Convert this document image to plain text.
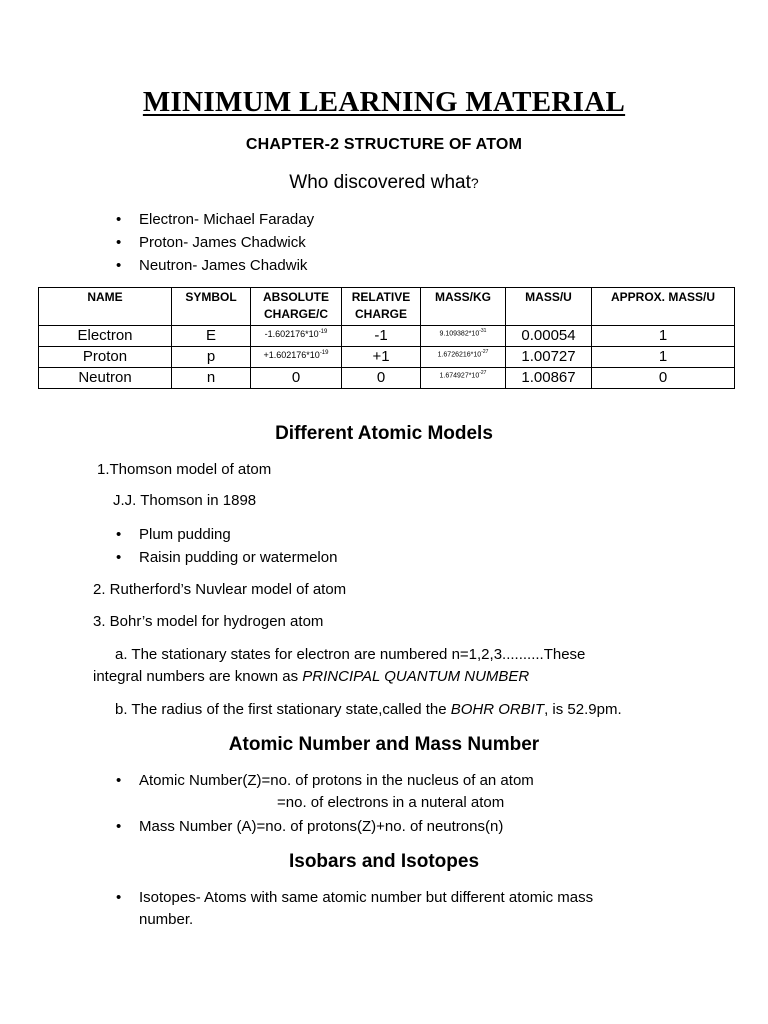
MINIMUM LEARNING MATERIAL
CHAPTER-2 STRUCTURE OF ATOM
Who discovered what?
• Electron- Michael Faraday
• Proton- James Chadwick
• Neutron- James Chadwik
NAME	SYMBOL	ABSOLUTE CHARGE/C	RELATIVE CHARGE	MASS/KG	MASS/U	APPROX. MASS/U
Electron	E	$-1.602176*10^{-19}$	-1	$9.109382*10^{-31}$	0.00054	1
Proton	p	$+1.602176*10^{-19}$	+1	$1.6726216*10^{-27}$	1.00727	1
Neutron	n	0	0	$1.674927*10^{-27}$	1.00867	0
Different Atomic Models
1.Thomson model of atom
J.J. Thomson in 1898
• Plum pudding
• Raisin pudding or watermelon
2. Rutherford’s Nuvlear model of atom
3. Bohr’s model for hydrogen atom
a. The stationary states for electron are numbered n=1,2,3..........These
integral numbers are known as PRINCIPAL QUANTUM NUMBER
b. The radius of the first stationary state,called the BOHR ORBIT, is 52.9pm.
Atomic Number and Mass Number
• Atomic Number(Z)=no. of protons in the nucleus of an atom
=no. of electrons in a nuteral atom
• Mass Number (A)=no. of protons(Z)+no. of neutrons(n)
Isobars and Isotopes
• Isotopes- Atoms with same atomic number but different atomic mass
number.
